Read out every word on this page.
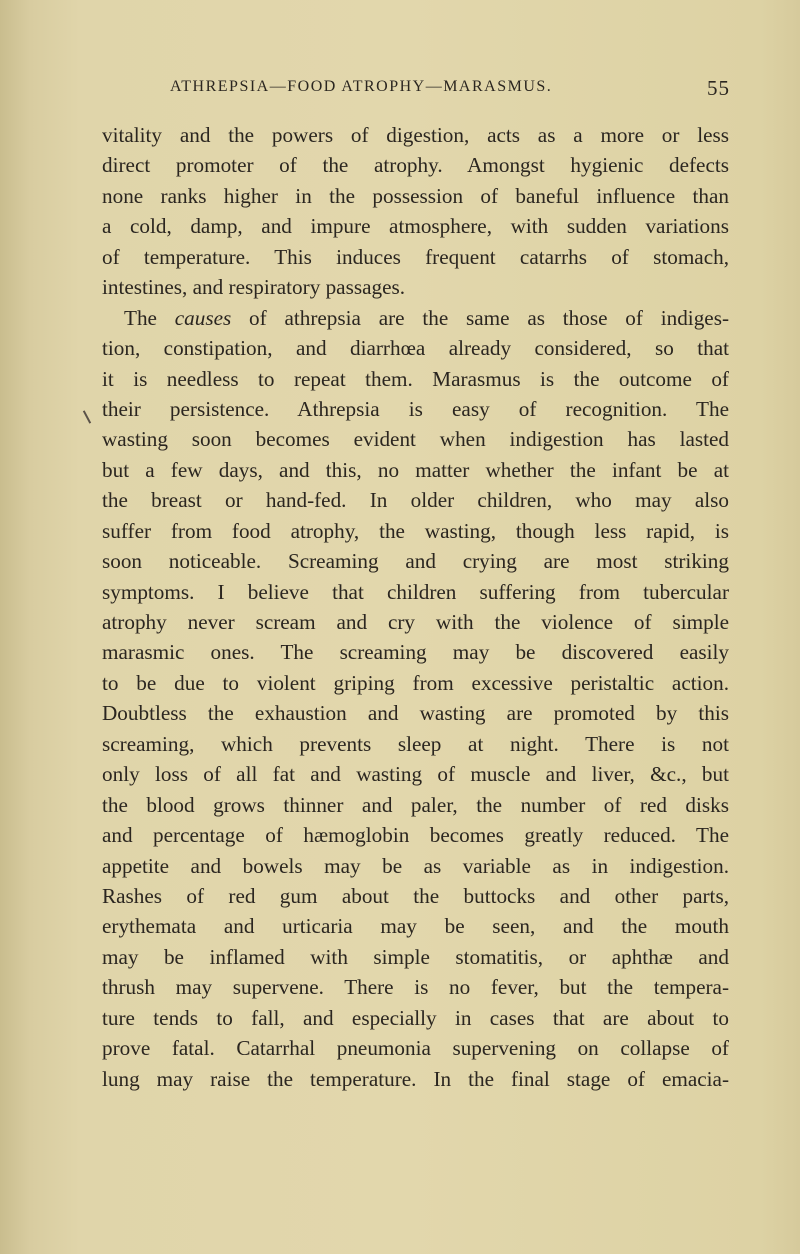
ATHREPSIA—FOOD ATROPHY—MARASMUS.	55
vitality and the powers of digestion, acts as a more or less
direct promoter of the atrophy. Amongst hygienic defects
none ranks higher in the possession of baneful influence than
a cold, damp, and impure atmosphere, with sudden variations
of temperature. This induces frequent catarrhs of stomach,
intestines, and respiratory passages.
The causes of athrepsia are the same as those of indiges-
tion, constipation, and diarrhœa already considered, so that
it is needless to repeat them. Marasmus is the outcome of
their persistence. Athrepsia is easy of recognition. The
wasting soon becomes evident when indigestion has lasted
but a few days, and this, no matter whether the infant be at
the breast or hand-fed. In older children, who may also
suffer from food atrophy, the wasting, though less rapid, is
soon noticeable. Screaming and crying are most striking
symptoms. I believe that children suffering from tubercular
atrophy never scream and cry with the violence of simple
marasmic ones. The screaming may be discovered easily
to be due to violent griping from excessive peristaltic action.
Doubtless the exhaustion and wasting are promoted by this
screaming, which prevents sleep at night. There is not
only loss of all fat and wasting of muscle and liver, &c., but
the blood grows thinner and paler, the number of red disks
and percentage of hæmoglobin becomes greatly reduced. The
appetite and bowels may be as variable as in indigestion.
Rashes of red gum about the buttocks and other parts,
erythemata and urticaria may be seen, and the mouth
may be inflamed with simple stomatitis, or aphthæ and
thrush may supervene. There is no fever, but the tempera-
ture tends to fall, and especially in cases that are about to
prove fatal. Catarrhal pneumonia supervening on collapse of
lung may raise the temperature. In the final stage of emacia-
